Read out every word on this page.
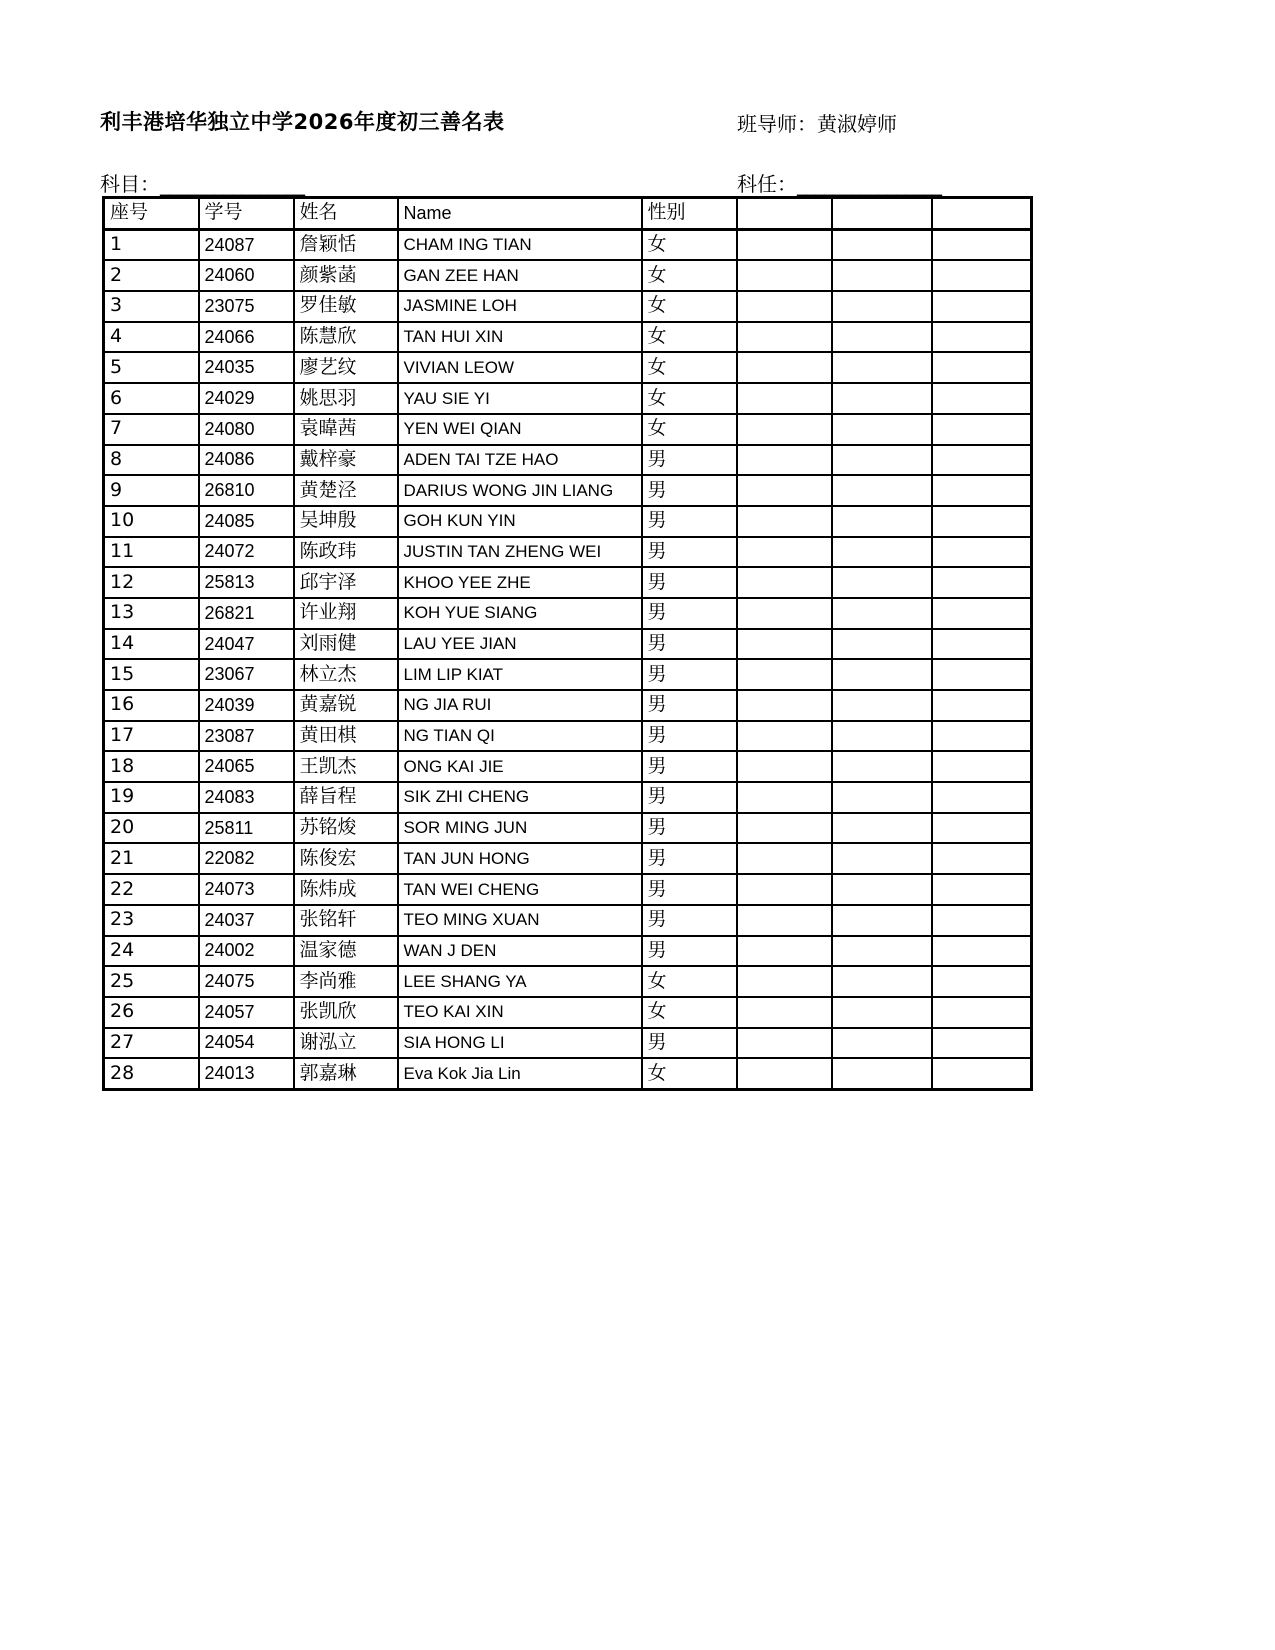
利丰港培华独立中学2026年度初三善名表	班导师：黄淑婷师
科目：________________	科任：________________
座号	学号	姓名	Name	性别			
1	24087	詹颖恬	CHAM ING TIAN	女			
2	24060	颜紫菡	GAN ZEE HAN	女			
3	23075	罗佳敏	JASMINE LOH	女			
4	24066	陈慧欣	TAN HUI XIN	女			
5	24035	廖艺纹	VIVIAN LEOW	女			
6	24029	姚思羽	YAU SIE YI	女			
7	24080	袁暐茜	YEN WEI QIAN	女			
8	24086	戴梓豪	ADEN TAI TZE HAO	男			
9	26810	黄楚泾	DARIUS WONG JIN LIANG	男			
10	24085	吴坤殷	GOH KUN YIN	男			
11	24072	陈政玮	JUSTIN TAN ZHENG WEI	男			
12	25813	邱宇泽	KHOO YEE ZHE	男			
13	26821	许业翔	KOH YUE SIANG	男			
14	24047	刘雨健	LAU YEE JIAN	男			
15	23067	林立杰	LIM LIP KIAT	男			
16	24039	黄嘉锐	NG JIA RUI	男			
17	23087	黄田棋	NG TIAN QI	男			
18	24065	王凯杰	ONG KAI JIE	男			
19	24083	薛旨程	SIK ZHI CHENG	男			
20	25811	苏铭焌	SOR MING JUN	男			
21	22082	陈俊宏	TAN JUN HONG	男			
22	24073	陈炜成	TAN WEI CHENG	男			
23	24037	张铭轩	TEO MING XUAN	男			
24	24002	温家德	WAN J DEN	男			
25	24075	李尚雅	LEE SHANG YA	女			
26	24057	张凯欣	TEO KAI XIN	女			
27	24054	谢泓立	SIA HONG LI	男			
28	24013	郭嘉琳	Eva Kok Jia Lin	女			
